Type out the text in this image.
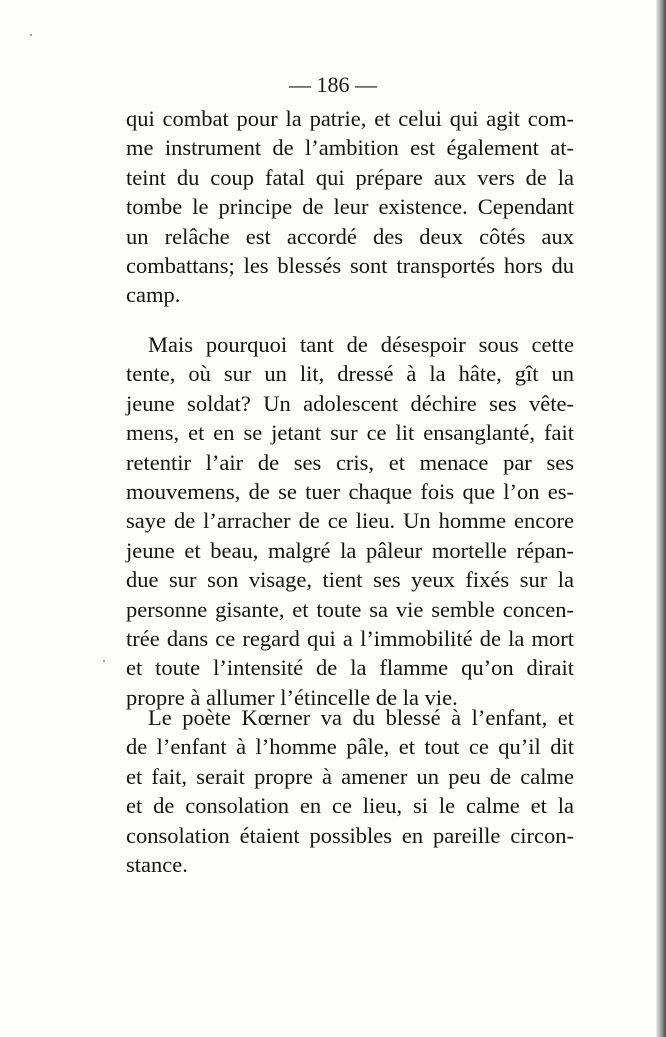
— 186 —
qui combat pour la patrie, et celui qui agit com-
me instrument de l’ambition est également at-
teint du coup fatal qui prépare aux vers de la
tombe le principe de leur existence. Cependant
un relâche est accordé des deux côtés aux
combattans; les blessés sont transportés hors du
camp.
Mais pourquoi tant de désespoir sous cette
tente, où sur un lit, dressé à la hâte, gît un
jeune soldat? Un adolescent déchire ses vête-
mens, et en se jetant sur ce lit ensanglanté, fait
retentir l’air de ses cris, et menace par ses
mouvemens, de se tuer chaque fois que l’on es-
saye de l’arracher de ce lieu. Un homme encore
jeune et beau, malgré la pâleur mortelle répan-
due sur son visage, tient ses yeux fixés sur la
personne gisante, et toute sa vie semble concen-
trée dans ce regard qui a l’immobilité de la mort
et toute l’intensité de la flamme qu’on dirait
propre à allumer l’étincelle de la vie.
Le poète Kœrner va du blessé à l’enfant, et
de l’enfant à l’homme pâle, et tout ce qu’il dit
et fait, serait propre à amener un peu de calme
et de consolation en ce lieu, si le calme et la
consolation étaient possibles en pareille circon-
stance.
